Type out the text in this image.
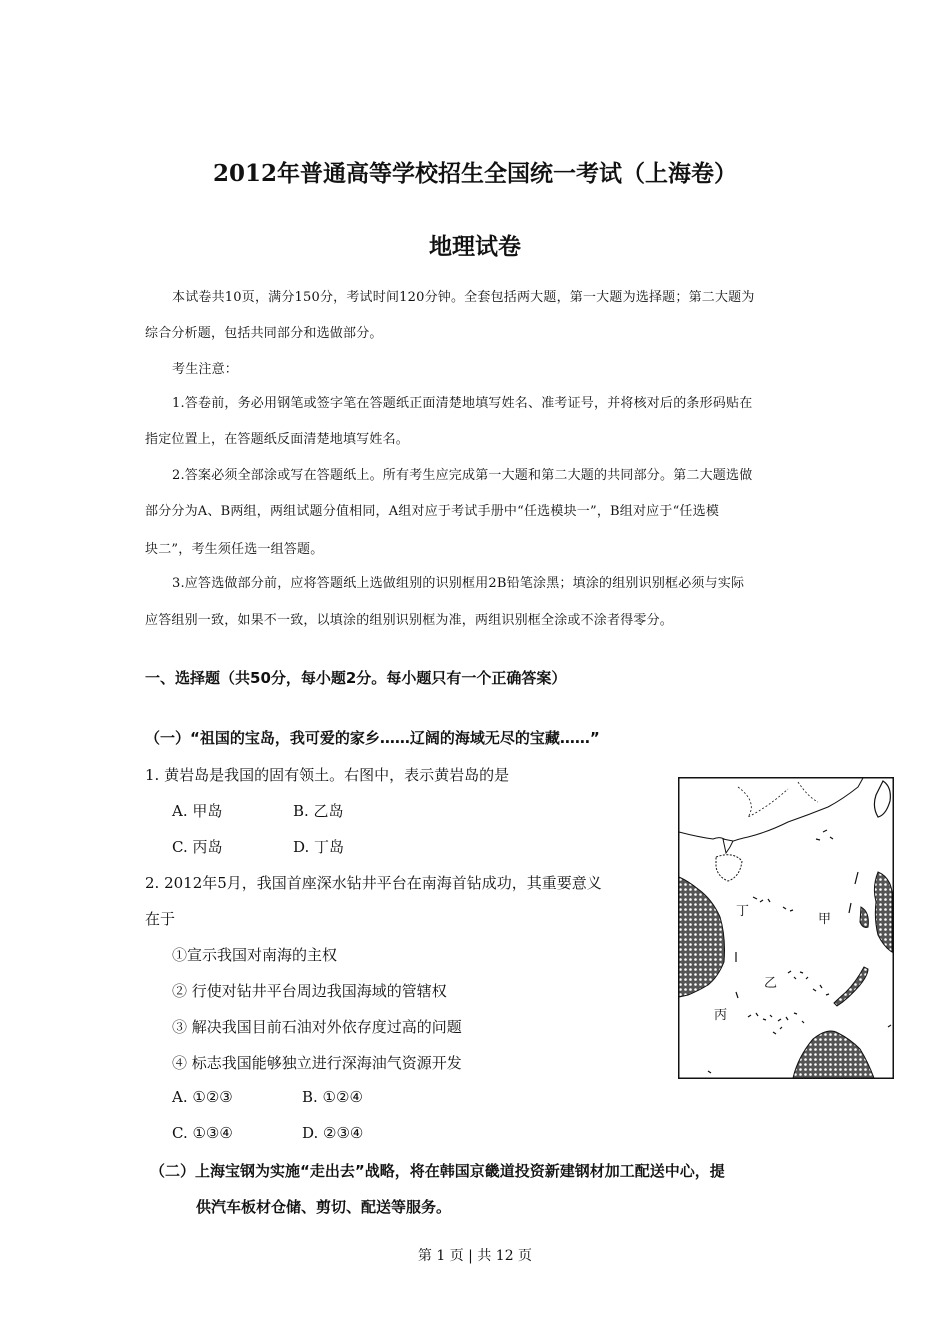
2012年普通高等学校招生全国统一考试（上海卷）
地理试卷
本试卷共10页，满分150分，考试时间120分钟。全套包括两大题，第一大题为选择题；第二大题为
综合分析题，包括共同部分和选做部分。
考生注意：
1.答卷前，务必用钢笔或签字笔在答题纸正面清楚地填写姓名、准考证号，并将核对后的条形码贴在
指定位置上，在答题纸反面清楚地填写姓名。
2.答案必须全部涂或写在答题纸上。所有考生应完成第一大题和第二大题的共同部分。第二大题选做
部分分为A、B两组，两组试题分值相同，A组对应于考试手册中“任选模块一”，B组对应于“任选模
块二”，考生须任选一组答题。
3.应答选做部分前，应将答题纸上选做组别的识别框用2B铅笔涂黑；填涂的组别识别框必须与实际
应答组别一致，如果不一致，以填涂的组别识别框为准，两组识别框全涂或不涂者得零分。
一、选择题（共50分，每小题2分。每小题只有一个正确答案）
（一）“祖国的宝岛，我可爱的家乡……辽阔的海域无尽的宝藏……”
1. 黄岩岛是我国的固有领土。右图中，表示黄岩岛的是
A. 甲岛	B. 乙岛
C. 丙岛	D. 丁岛
2. 2012年5月，我国首座深水钻井平台在南海首钻成功，其重要意义
在于
①宣示我国对南海的主权
② 行使对钻井平台周边我国海域的管辖权
③ 解决我国目前石油对外依存度过高的问题
④ 标志我国能够独立进行深海油气资源开发
A. ①②③	B. ①②④
C. ①③④	D. ②③④
（二）上海宝钢为实施“走出去”战略，将在韩国京畿道投资新建钢材加工配送中心，提
供汽车板材仓储、剪切、配送等服务。
丁
甲
乙
丙
第 1 页 | 共 12 页
